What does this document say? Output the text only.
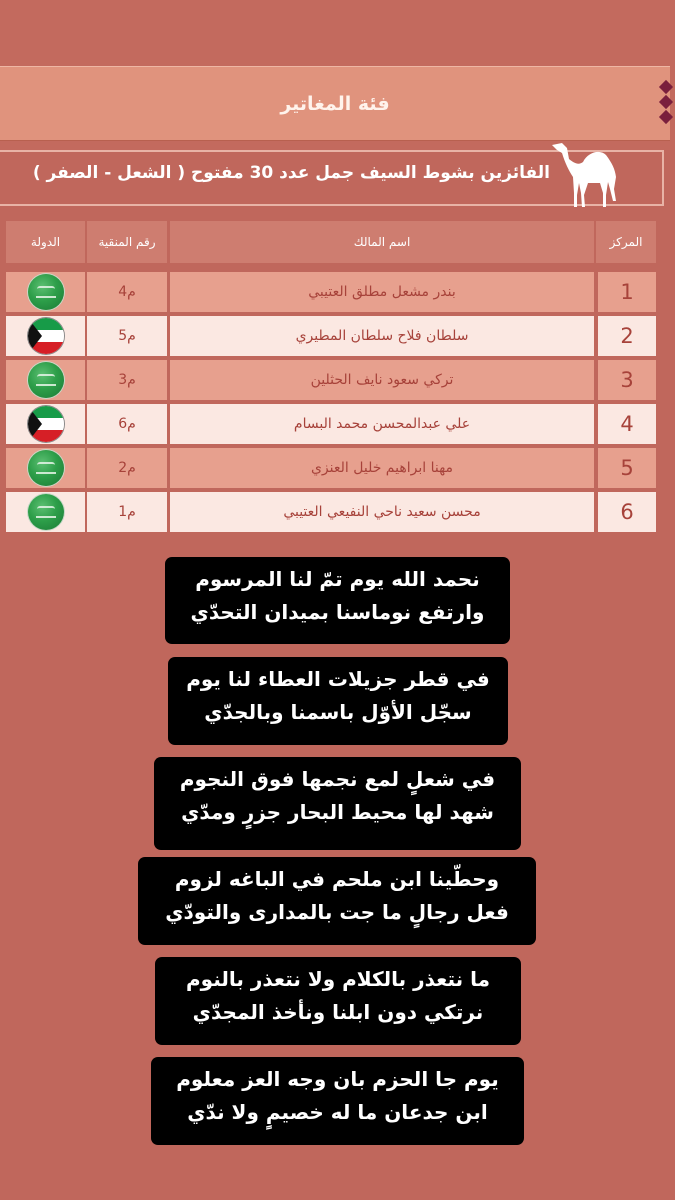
فئة المغاتير
الفائزين بشوط السيف جمل عدد 30 مفتوح ( الشعل - الصفر )
المركز
اسم المالك
رقم المنقية
الدولة
1
بندر مشعل مطلق العتيبي
م4
2
سلطان فلاح سلطان المطيري
م5
3
تركي سعود نايف الحثلين
م3
4
علي عبدالمحسن محمد البسام
م6
5
مهنا ابراهيم خليل العنزي
م2
6
محسن سعيد ناحي النفيعي العتيبي
م1
نحمد الله يوم تمّ لنا المرسوم
وارتفع نوماسنا بميدان التحدّي
في قطر جزيلات العطاء لنا يوم
سجّل الأوّل باسمنا وبالجدّي
في شعلٍ لمع نجمها فوق النجوم
شهد لها محيط البحار جزرٍ ومدّي
وحطّينا ابن ملحم في الباغه لزوم
فعل رجالٍ ما جت بالمدارى والتودّي
ما نتعذر بالكلام ولا نتعذر بالنوم
نرتكي دون ابلنا ونأخذ المجدّي
يوم جا الحزم بان وجه العز معلوم
ابن جدعان ما له خصيمٍ ولا ندّي
